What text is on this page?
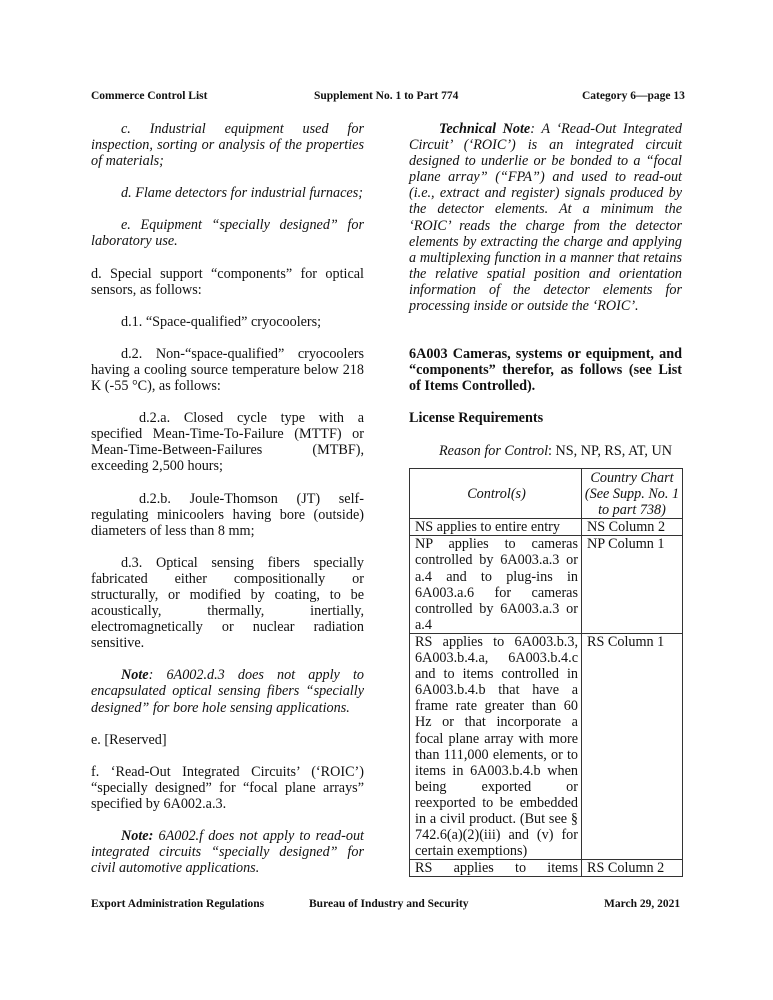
Commerce Control List	Supplement No. 1 to Part 774	Category 6—page 13

c. Industrial equipment used for inspection, sorting or analysis of the properties of materials;

d. Flame detectors for industrial furnaces;

e. Equipment “specially designed” for laboratory use.

d. Special support “components” for optical sensors, as follows:

d.1. “Space-qualified” cryocoolers;

d.2. Non-“space-qualified” cryocoolers having a cooling source temperature below 218 K (-55 °C), as follows:

d.2.a. Closed cycle type with a specified Mean-Time-To-Failure (MTTF) or Mean-Time-Between-Failures (MTBF), exceeding 2,500 hours;

d.2.b. Joule-Thomson (JT) self-regulating minicoolers having bore (outside) diameters of less than 8 mm;

d.3. Optical sensing fibers specially fabricated either compositionally or structurally, or modified by coating, to be acoustically, thermally, inertially, electromagnetically or nuclear radiation sensitive.

Note: 6A002.d.3 does not apply to encapsulated optical sensing fibers “specially designed” for bore hole sensing applications.

e. [Reserved]

f. ‘Read-Out Integrated Circuits’ (‘ROIC’) “specially designed” for “focal plane arrays” specified by 6A002.a.3.

Note: 6A002.f does not apply to read-out integrated circuits “specially designed” for civil automotive applications.

Technical Note: A ‘Read-Out Integrated Circuit’ (‘ROIC’) is an integrated circuit designed to underlie or be bonded to a “focal plane array” (“FPA”) and used to read-out (i.e., extract and register) signals produced by the detector elements. At a minimum the ‘ROIC’ reads the charge from the detector elements by extracting the charge and applying a multiplexing function in a manner that retains the relative spatial position and orientation information of the detector elements for processing inside or outside the ‘ROIC’.

6A003 Cameras, systems or equipment, and “components” therefor, as follows (see List of Items Controlled).

License Requirements

Reason for Control: NS, NP, RS, AT, UN

Control(s)	Country Chart (See Supp. No. 1 to part 738)
NS applies to entire entry	NS Column 2
NP applies to cameras controlled by 6A003.a.3 or a.4 and to plug-ins in 6A003.a.6 for cameras controlled by 6A003.a.3 or a.4	NP Column 1
RS applies to 6A003.b.3, 6A003.b.4.a, 6A003.b.4.c and to items controlled in 6A003.b.4.b that have a frame rate greater than 60 Hz or that incorporate a focal plane array with more than 111,000 elements, or to items in 6A003.b.4.b when being exported or reexported to be embedded in a civil product. (But see § 742.6(a)(2)(iii) and (v) for certain exemptions)	RS Column 1
RS applies to items	RS Column 2
Export Administration Regulations	Bureau of Industry and Security	March 29, 2021
